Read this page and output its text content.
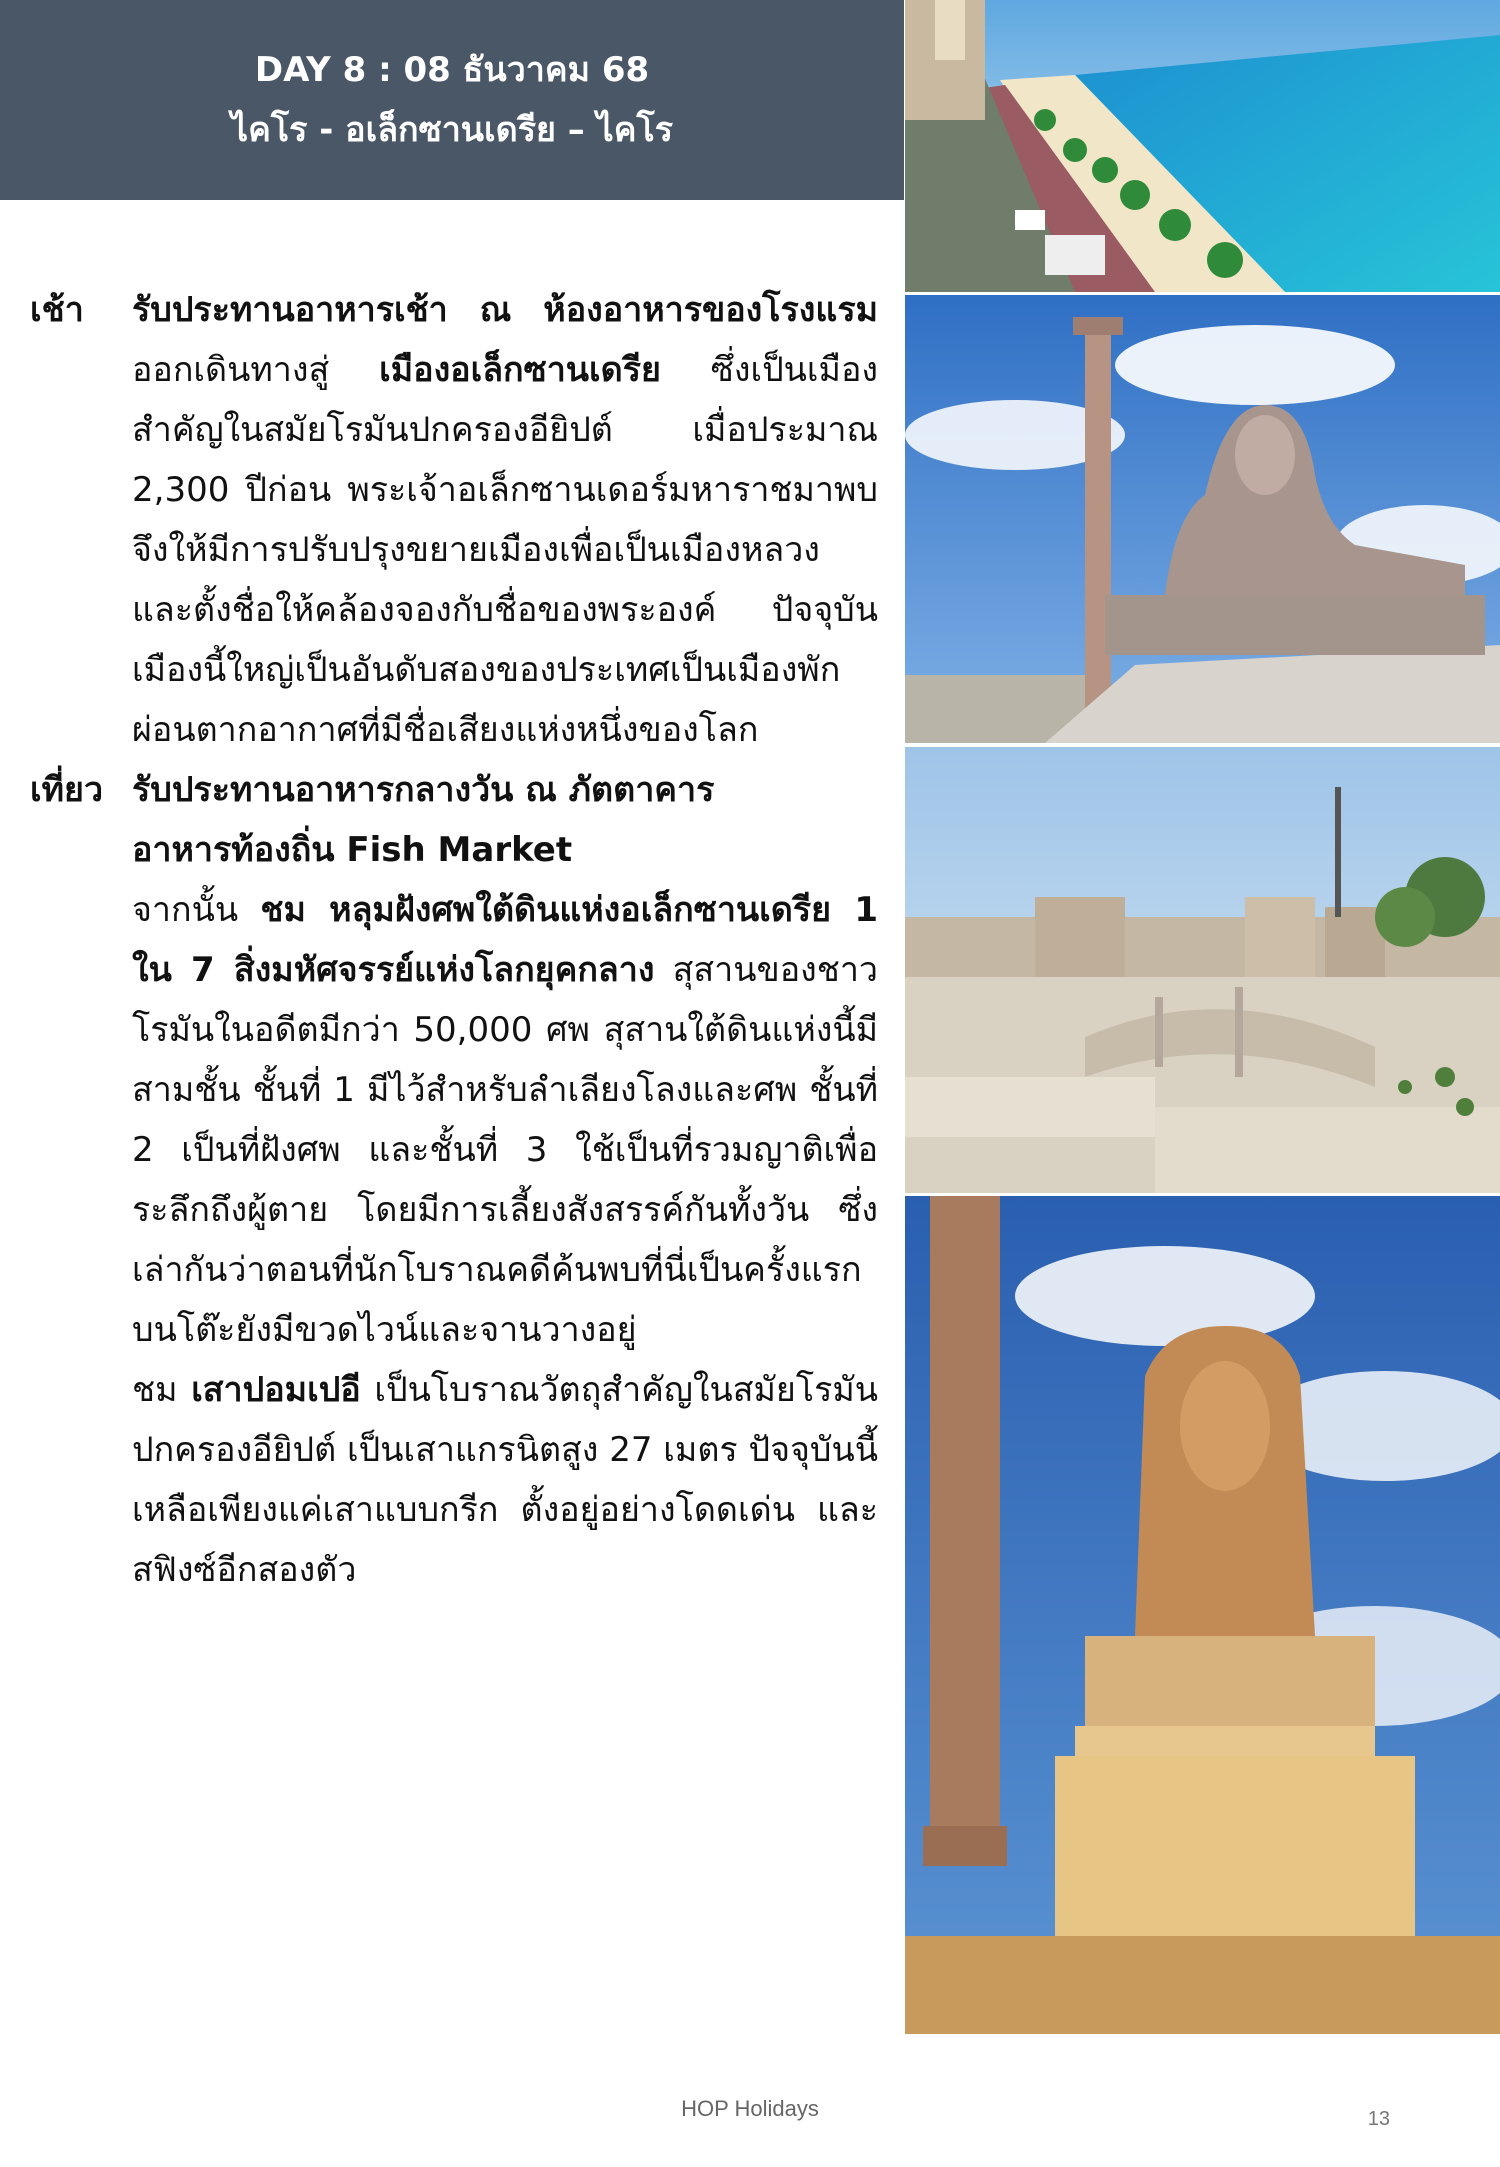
DAY 8 : 08 ธันวาคม 68
ไคโร - อเล็กซานเดรีย – ไคโร
เช้า รับประทานอาหารเช้า ณ ห้องอาหารของโรงแรม ออกเดินทางสู่ เมืองอเล็กซานเดรีย ซึ่งเป็นเมืองสำคัญในสมัยโรมันปกครองอียิปต์ เมื่อประมาณ 2,300 ปีก่อน พระเจ้าอเล็กซานเดอร์มหาราชมาพบจึงให้มีการปรับปรุงขยายเมืองเพื่อเป็นเมืองหลวงและตั้งชื่อให้คล้องจองกับชื่อของพระองค์ ปัจจุบันเมืองนี้ใหญ่เป็นอันดับสองของประเทศเป็นเมืองพักผ่อนตากอากาศที่มีชื่อเสียงแห่งหนึ่งของโลก

เที่ยว รับประทานอาหารกลางวัน ณ ภัตตาคาร
อาหารท้องถิ่น Fish Market

จากนั้น ชม หลุมฝังศพใต้ดินแห่งอเล็กซานเดรีย 1 ใน 7 สิ่งมหัศจรรย์แห่งโลกยุคกลาง สุสานของชาวโรมันในอดีตมีกว่า 50,000 ศพ สุสานใต้ดินแห่งนี้มีสามชั้น ชั้นที่ 1 มีไว้สำหรับลำเลียงโลงและศพ ชั้นที่ 2 เป็นที่ฝังศพ และชั้นที่ 3 ใช้เป็นที่รวมญาติเพื่อระลึกถึงผู้ตาย โดยมีการเลี้ยงสังสรรค์กันทั้งวัน ซึ่งเล่ากันว่าตอนที่นักโบราณคดีค้นพบที่นี่เป็นครั้งแรก บนโต๊ะยังมีขวดไวน์และจานวางอยู่

ชม เสาปอมเปอี เป็นโบราณวัตถุสำคัญในสมัยโรมันปกครองอียิปต์ เป็นเสาแกรนิตสูง 27 เมตร ปัจจุบันนี้เหลือเพียงแค่เสาแบบกรีก ตั้งอยู่อย่างโดดเด่น และสฟิงซ์อีกสองตัว

HOP Holidays	13
